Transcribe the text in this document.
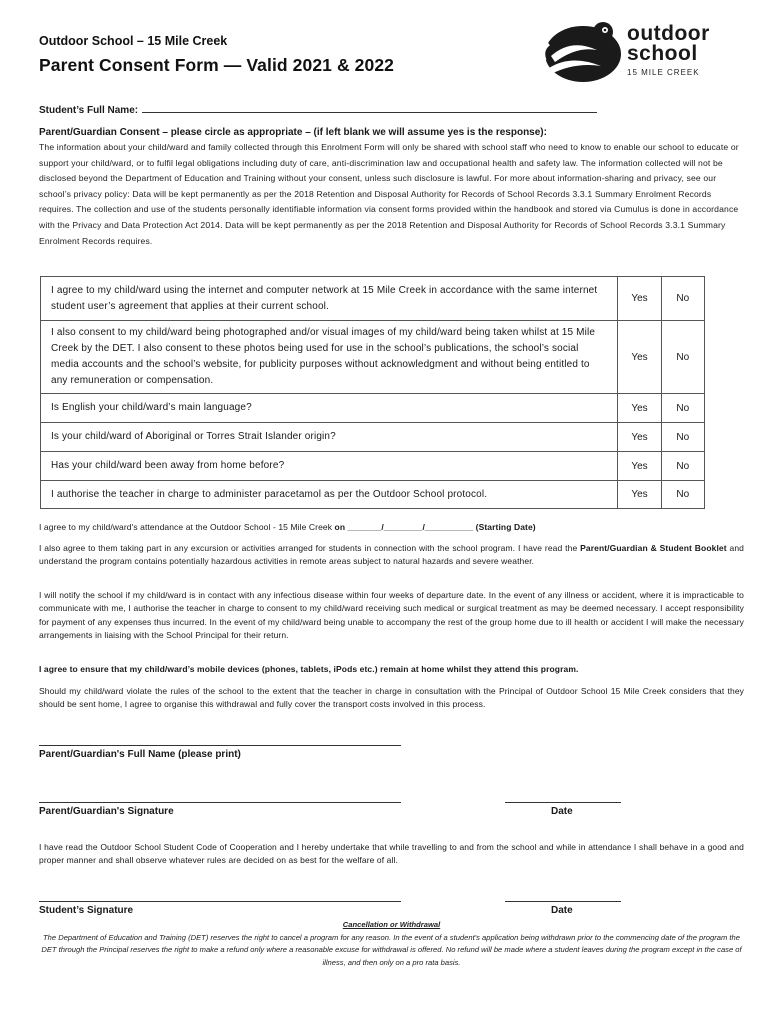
Outdoor School – 15 Mile Creek
Parent Consent Form — Valid 2021 & 2022
outdoor
school
15 MILE CREEK
Student’s Full Name:
Parent/Guardian Consent – please circle as appropriate – (if left blank we will assume yes is the response):
The information about your child/ward and family collected through this Enrolment Form will only be shared with school staff who need to know to enable our school to educate or support your child/ward, or to fulfil legal obligations including duty of care, anti-discrimination law and occupational health and safety law. The information collected will not be disclosed beyond the Department of Education and Training without your consent, unless such disclosure is lawful. For more about information-sharing and privacy, see our school’s privacy policy: Data will be kept permanently as per the 2018 Retention and Disposal Authority for Records of School Records 3.3.1 Summary Enrolment Records requires. The collection and use of the students personally identifiable information via consent forms provided within the handbook and stored via Cumulus is done in accordance with the Privacy and Data Protection Act 2014. Data will be kept permanently as per the 2018 Retention and Disposal Authority for Records of School Records 3.3.1 Summary Enrolment Records requires.
I agree to my child/ward using the internet and computer network at 15 Mile Creek in accordance with the same internet student user’s agreement that applies at their current school.	Yes	No
I also consent to my child/ward being photographed and/or visual images of my child/ward being taken whilst at 15 Mile Creek by the DET. I also consent to these photos being used for use in the school’s publications, the school’s social media accounts and the school’s website, for publicity purposes without acknowledgment and without being entitled to any remuneration or compensation.	Yes	No
Is English your child/ward’s main language?	Yes	No
Is your child/ward of Aboriginal or Torres Strait Islander origin?	Yes	No
Has your child/ward been away from home before?	Yes	No
I authorise the teacher in charge to administer paracetamol as per the Outdoor School protocol.	Yes	No
I agree to my child/ward's attendance at the Outdoor School - 15 Mile Creek on _______/________/__________ (Starting Date)
I also agree to them taking part in any excursion or activities arranged for students in connection with the school program. I have read the Parent/Guardian & Student Booklet and understand the program contains potentially hazardous activities in remote areas subject to natural hazards and severe weather.
I will notify the school if my child/ward is in contact with any infectious disease within four weeks of departure date. In the event of any illness or accident, where it is impracticable to communicate with me, I authorise the teacher in charge to consent to my child/ward receiving such medical or surgical treatment as may be deemed necessary. I accept responsibility for payment of any expenses thus incurred. In the event of my child/ward being unable to accompany the rest of the group home due to ill health or accident I will make the necessary arrangements in liaising with the School Principal for their return.
I agree to ensure that my child/ward’s mobile devices (phones, tablets, iPods etc.) remain at home whilst they attend this program.
Should my child/ward violate the rules of the school to the extent that the teacher in charge in consultation with the Principal of Outdoor School 15 Mile Creek considers that they should be sent home, I agree to organise this withdrawal and fully cover the transport costs involved in this process.
Parent/Guardian's Full Name (please print)
Parent/Guardian's Signature	Date
I have read the Outdoor School Student Code of Cooperation and I hereby undertake that while travelling to and from the school and while in attendance I shall behave in a good and proper manner and shall observe whatever rules are decided on as best for the welfare of all.
Student’s Signature	Date
Cancellation or Withdrawal
The Department of Education and Training (DET) reserves the right to cancel a program for any reason. In the event of a student's application being withdrawn prior to the commencing date of the program the DET through the Principal reserves the right to make a refund only where a reasonable excuse for withdrawal is offered. No refund will be made where a student leaves during the program except in the case of illness, and then only on a pro rata basis.
